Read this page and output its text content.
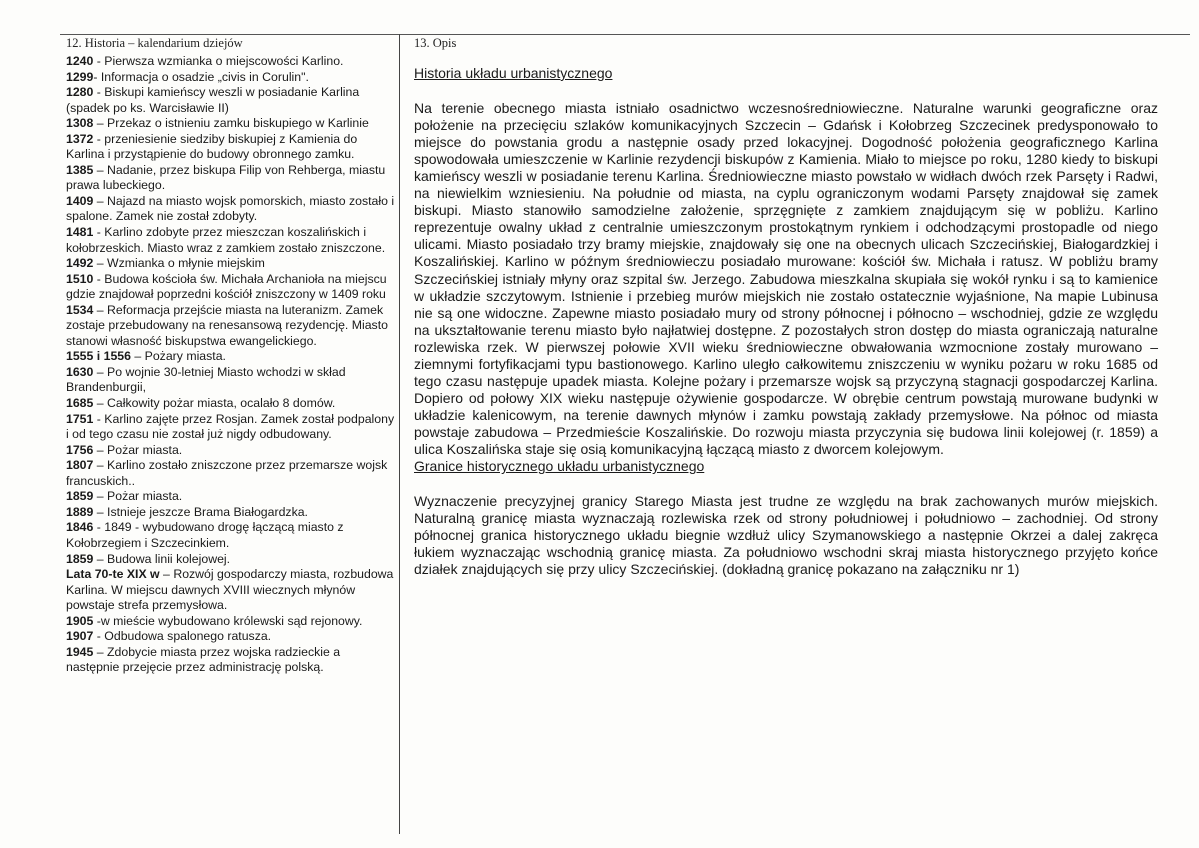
12. Historia – kalendarium dziejów	13. Opis

1240 - Pierwsza wzmianka o miejscowości Karlino.

1299- Informacja o osadzie „civis in Corulin".

1280 - Biskupi kamieńscy weszli w posiadanie Karlina (spadek po ks. Warcisławie II)

1308 – Przekaz o istnieniu zamku biskupiego w Karlinie

1372 - przeniesienie siedziby biskupiej z Kamienia do Karlina i przystąpienie do budowy obronnego zamku.

1385 – Nadanie, przez biskupa Filip von Rehberga, miastu prawa lubeckiego.

1409 – Najazd na miasto wojsk pomorskich, miasto zostało i spalone. Zamek nie został zdobyty.

1481 - Karlino zdobyte przez mieszczan koszalińskich i kołobrzeskich. Miasto wraz z zamkiem zostało zniszczone.

1492 – Wzmianka o młynie miejskim

1510 - Budowa kościoła św. Michała Archanioła na miejscu gdzie znajdował poprzedni kościół zniszczony w 1409 roku

1534 – Reformacja przejście miasta na luteranizm. Zamek zostaje przebudowany na renesansową rezydencję. Miasto stanowi własność biskupstwa ewangelickiego.

1555 i 1556 – Pożary miasta.

1630 – Po wojnie 30-letniej Miasto wchodzi w skład Brandenburgii,

1685 – Całkowity pożar miasta, ocalało 8 domów.

1751 - Karlino zajęte przez Rosjan. Zamek został podpalony i od tego czasu nie został już nigdy odbudowany.

1756 – Pożar miasta.

1807 – Karlino zostało zniszczone przez przemarsze wojsk francuskich..

1859 – Pożar miasta.

1889 – Istnieje jeszcze Brama Białogardzka.

1846 - 1849 - wybudowano drogę łączącą miasto z Kołobrzegiem i Szczecinkiem.

1859 – Budowa linii kolejowej.

Lata 70-te XIX w – Rozwój gospodarczy miasta, rozbudowa Karlina. W miejscu dawnych XVIII wiecznych młynów powstaje strefa przemysłowa.

1905 -w mieście wybudowano królewski sąd rejonowy.

1907 - Odbudowa spalonego ratusza.

1945 – Zdobycie miasta przez wojska radzieckie a następnie przejęcie przez administrację polską.

Historia układu urbanistycznego

Na terenie obecnego miasta istniało osadnictwo wczesnośredniowieczne. Naturalne warunki geograficzne oraz położenie na przecięciu szlaków komunikacyjnych Szczecin – Gdańsk i Kołobrzeg Szczecinek predysponowało to miejsce do powstania grodu a następnie osady przed lokacyjnej. Dogodność położenia geograficznego Karlina spowodowała umieszczenie w Karlinie rezydencji biskupów z Kamienia. Miało to miejsce po roku, 1280 kiedy to biskupi kamieńscy weszli w posiadanie terenu Karlina. Średniowieczne miasto powstało w widłach dwóch rzek Parsęty i Radwi, na niewielkim wzniesieniu. Na południe od miasta, na cyplu ograniczonym wodami Parsęty znajdował się zamek biskupi. Miasto stanowiło samodzielne założenie, sprzęgnięte z zamkiem znajdującym się w pobliżu. Karlino reprezentuje owalny układ z centralnie umieszczonym prostokątnym rynkiem i odchodzącymi prostopadle od niego ulicami. Miasto posiadało trzy bramy miejskie, znajdowały się one na obecnych ulicach Szczecińskiej, Białogardzkiej i Koszalińskiej. Karlino w późnym średniowieczu posiadało murowane: kościół św. Michała i ratusz. W pobliżu bramy Szczecińskiej istniały młyny oraz szpital św. Jerzego. Zabudowa mieszkalna skupiała się wokół rynku i są to kamienice w układzie szczytowym. Istnienie i przebieg murów miejskich nie zostało ostatecznie wyjaśnione, Na mapie Lubinusa nie są one widoczne. Zapewne miasto posiadało mury od strony północnej i północno – wschodniej, gdzie ze względu na ukształtowanie terenu miasto było najłatwiej dostępne. Z pozostałych stron dostęp do miasta ograniczają naturalne rozlewiska rzek. W pierwszej połowie XVII wieku średniowieczne obwałowania wzmocnione zostały murowano – ziemnymi fortyfikacjami typu bastionowego. Karlino uległo całkowitemu zniszczeniu w wyniku pożaru w roku 1685 od tego czasu następuje upadek miasta. Kolejne pożary i przemarsze wojsk są przyczyną stagnacji gospodarczej Karlina. Dopiero od połowy XIX wieku następuje ożywienie gospodarcze. W obrębie centrum powstają murowane budynki w układzie kalenicowym, na terenie dawnych młynów i zamku powstają zakłady przemysłowe. Na północ od miasta powstaje zabudowa – Przedmieście Koszalińskie. Do rozwoju miasta przyczynia się budowa linii kolejowej (r. 1859) a ulica Koszalińska staje się osią komunikacyjną łączącą miasto z dworcem kolejowym.

Granice historycznego układu urbanistycznego

Wyznaczenie precyzyjnej granicy Starego Miasta jest trudne ze względu na brak zachowanych murów miejskich. Naturalną granicę miasta wyznaczają rozlewiska rzek od strony południowej i południowo – zachodniej. Od strony północnej granica historycznego układu biegnie wzdłuż ulicy Szymanowskiego a następnie Okrzei a dalej zakręca łukiem wyznaczając wschodnią granicę miasta. Za południowo wschodni skraj miasta historycznego przyjęto końce działek znajdujących się przy ulicy Szczecińskiej. (dokładną granicę pokazano na załączniku nr 1)
